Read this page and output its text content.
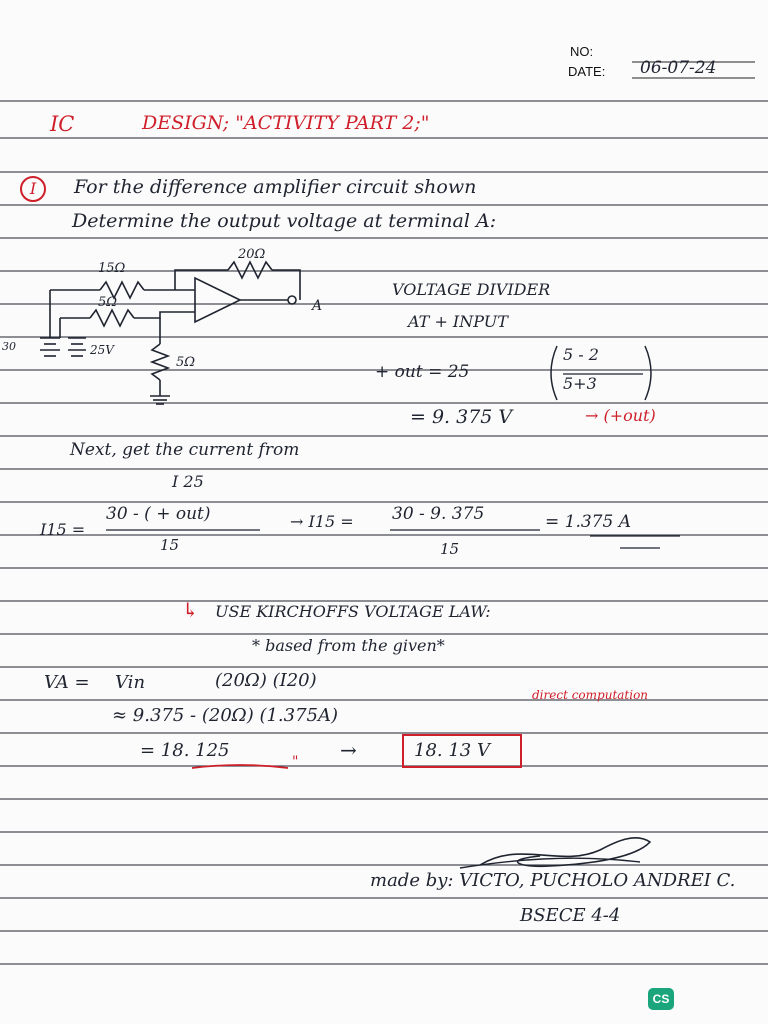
NO:
DATE: 06-07-24
IC	DESIGN; "ACTIVITY PART 2;"
I	For the difference amplifier circuit shown
Determine the output voltage at terminal A:
20Ω
15Ω
5Ω
5Ω
30	25V
A
VOLTAGE DIVIDER
AT + INPUT
+ out = 25
5 - 2
5+3
= 9. 375 V	→ (+out)
Next, get the current from
I 25
I15 =
30 - ( + out)
15
→ I15 = 30 - 9. 375
15
= 1.375 A
↳ USE KIRCHOFFS VOLTAGE LAW:
* based from the given*
VA = Vin	(20Ω) (I20)
direct computation
≈ 9.375 - (20Ω) (1.375A)
= 18. 125	→	18. 13 V
"
made by: VICTO, PUCHOLO ANDREI C.
BSECE 4-4
CS
